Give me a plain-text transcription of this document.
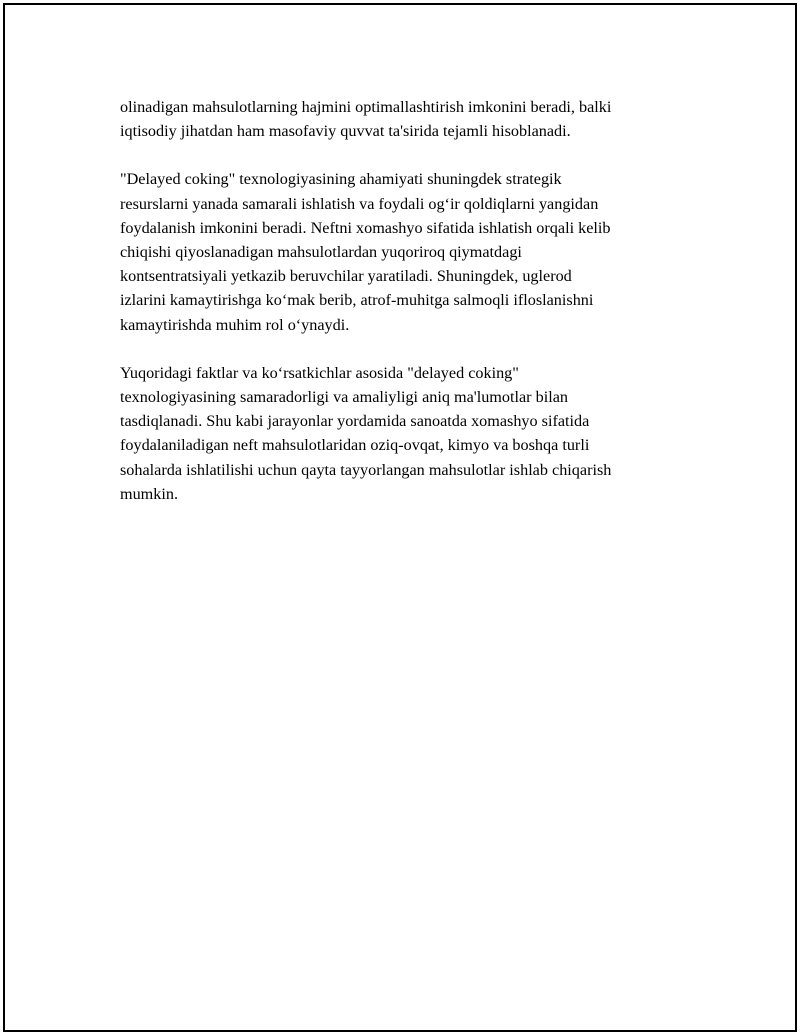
olinadigan mahsulotlarning hajmini optimallashtirish imkonini beradi, balki
iqtisodiy jihatdan ham masofaviy quvvat ta'sirida tejamli hisoblanadi.

"Delayed coking" texnologiyasining ahamiyati shuningdek strategik
resurslarni yanada samarali ishlatish va foydali og‘ir qoldiqlarni yangidan
foydalanish imkonini beradi. Neftni xomashyo sifatida ishlatish orqali kelib
chiqishi qiyoslanadigan mahsulotlardan yuqoriroq qiymatdagi
kontsentratsiyali yetkazib beruvchilar yaratiladi. Shuningdek, uglerod
izlarini kamaytirishga ko‘mak berib, atrof-muhitga salmoqli ifloslanishni
kamaytirishda muhim rol o‘ynaydi.

Yuqoridagi faktlar va ko‘rsatkichlar asosida "delayed coking"
texnologiyasining samaradorligi va amaliyligi aniq ma'lumotlar bilan
tasdiqlanadi. Shu kabi jarayonlar yordamida sanoatda xomashyo sifatida
foydalaniladigan neft mahsulotlaridan oziq-ovqat, kimyo va boshqa turli
sohalarda ishlatilishi uchun qayta tayyorlangan mahsulotlar ishlab chiqarish
mumkin.
